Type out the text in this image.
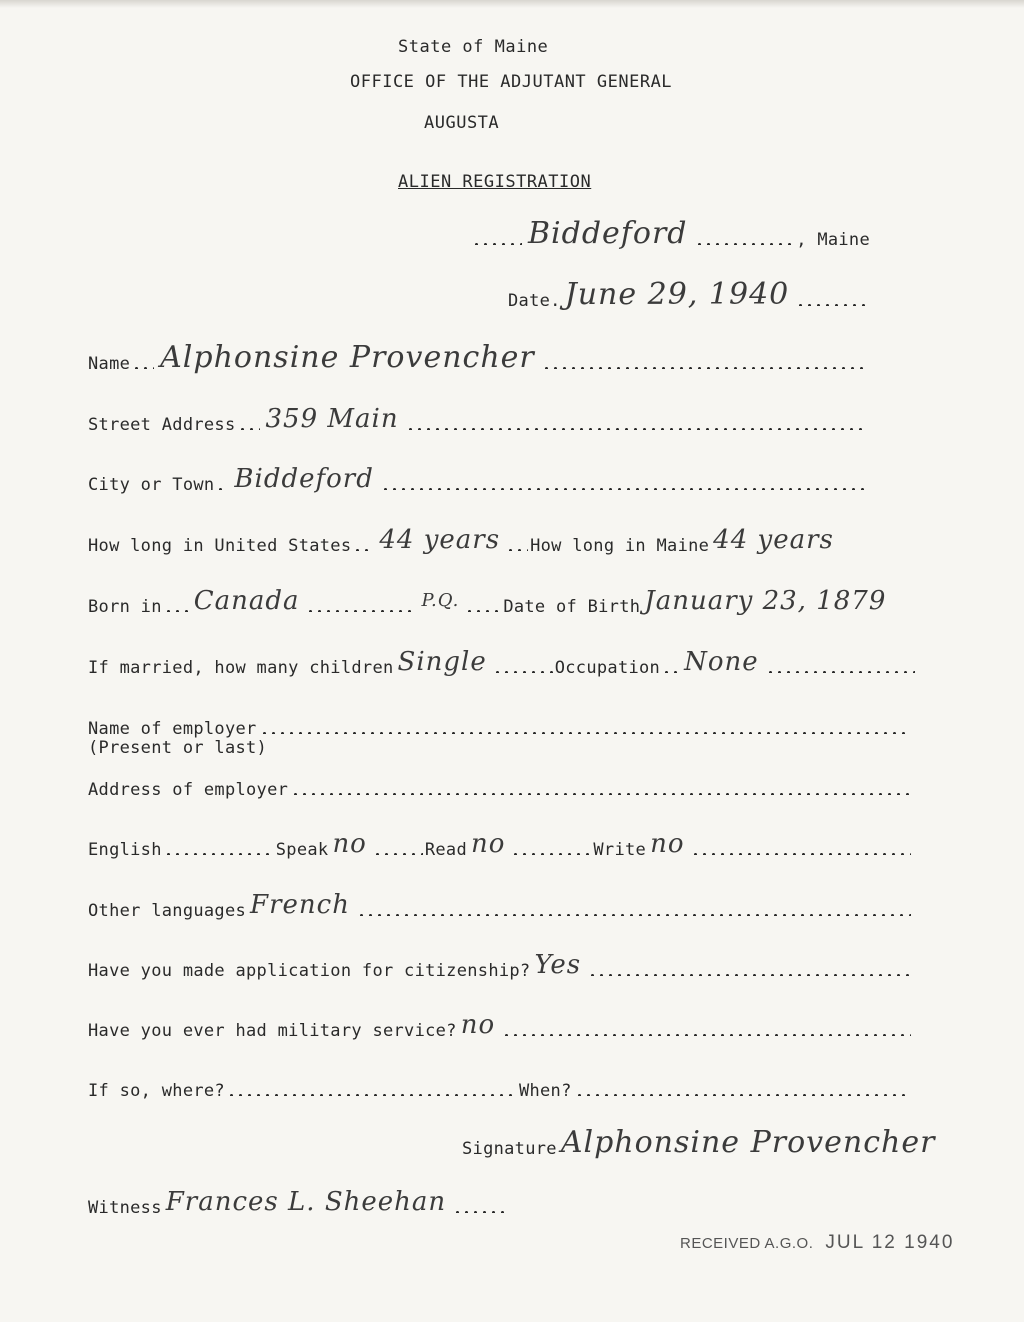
State of Maine
OFFICE OF THE ADJUTANT GENERAL
AUGUSTA
ALIEN REGISTRATION
Biddeford	, Maine
Date. June 29, 1940
Name Alphonsine Provencher
Street Address 359 Main
City or Town Biddeford
How long in United States 44 years How long in Maine 44 years
Born in Canada	P.Q.	Date of Birth January 23, 1879
If married, how many children Single	Occupation None
Name of employer
(Present or last)
Address of employer
English	Speak no	Read no	Write no
Other languages French
Have you made application for citizenship? Yes
Have you ever had military service? no
If so, where?	When?
Signature Alphonsine Provencher
Witness Frances L. Sheehan
RECEIVED A.G.O. JUL 12 1940
